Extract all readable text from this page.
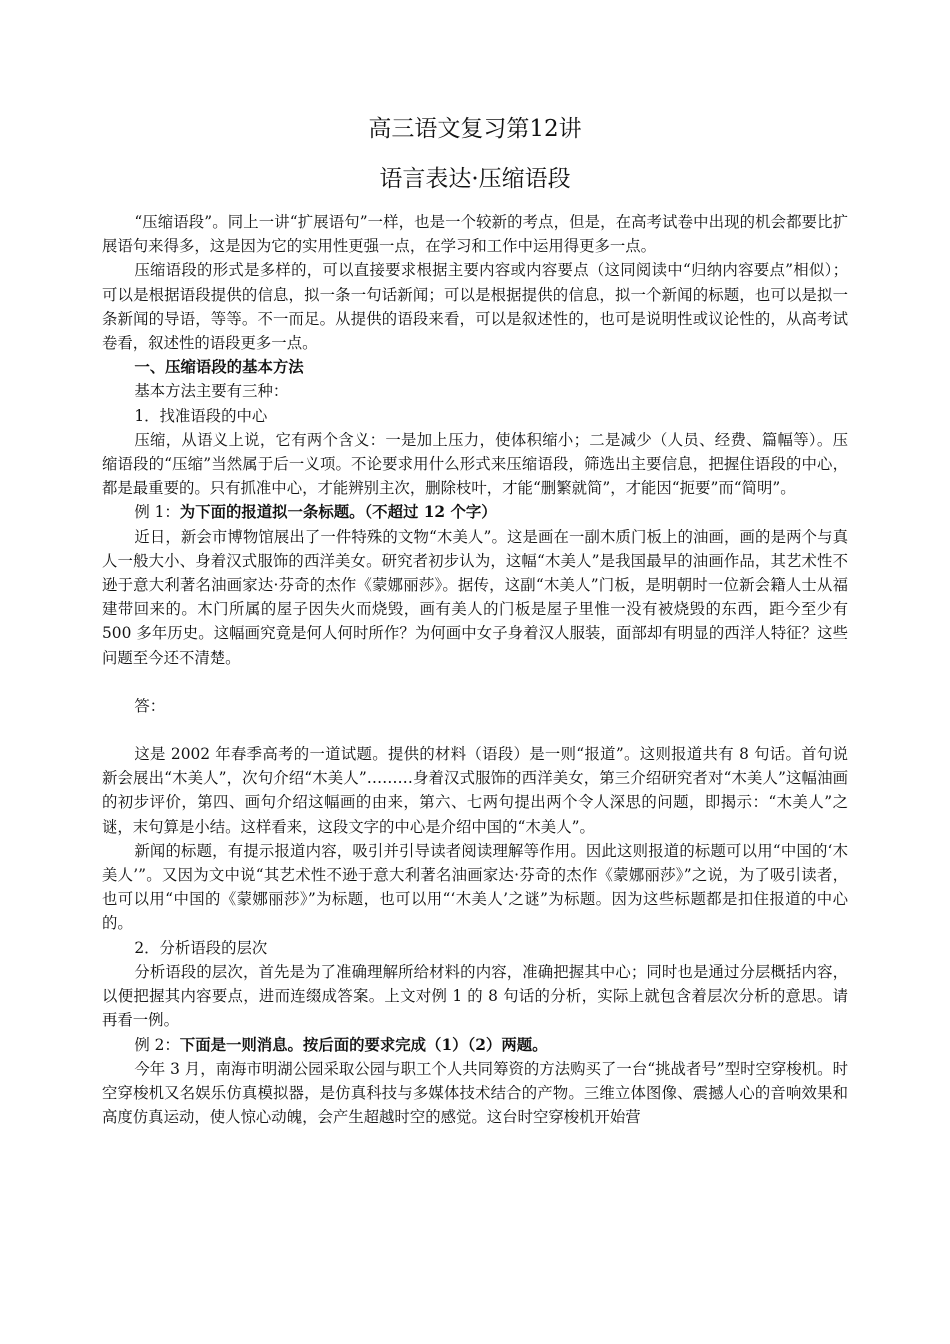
高三语文复习第12讲
语言表达·压缩语段

“压缩语段”。同上一讲“扩展语句”一样，也是一个较新的考点，但是，在高考试卷中出现的机会都要比扩展语句来得多，这是因为它的实用性更强一点，在学习和工作中运用得更多一点。

压缩语段的形式是多样的，可以直接要求根据主要内容或内容要点（这同阅读中“归纳内容要点”相似）；可以是根据语段提供的信息，拟一条一句话新闻；可以是根据提供的信息，拟一个新闻的标题，也可以是拟一条新闻的导语，等等。不一而足。从提供的语段来看，可以是叙述性的，也可是说明性或议论性的，从高考试卷看，叙述性的语段更多一点。

一、压缩语段的基本方法

基本方法主要有三种：

1．找准语段的中心

压缩，从语义上说，它有两个含义：一是加上压力，使体积缩小；二是减少（人员、经费、篇幅等）。压缩语段的“压缩”当然属于后一义项。不论要求用什么形式来压缩语段，筛选出主要信息，把握住语段的中心，都是最重要的。只有抓准中心，才能辨别主次，删除枝叶，才能“删繁就简”，才能因“扼要”而“简明”。

例 1：为下面的报道拟一条标题。（不超过 12 个字）

近日，新会市博物馆展出了一件特殊的文物“木美人”。这是画在一副木质门板上的油画，画的是两个与真人一般大小、身着汉式服饰的西洋美女。研究者初步认为，这幅“木美人”是我国最早的油画作品，其艺术性不逊于意大利著名油画家达·芬奇的杰作《蒙娜丽莎》。据传，这副“木美人”门板，是明朝时一位新会籍人士从福建带回来的。木门所属的屋子因失火而烧毁，画有美人的门板是屋子里惟一没有被烧毁的东西，距今至少有 500 多年历史。这幅画究竟是何人何时所作？为何画中女子身着汉人服装，面部却有明显的西洋人特征？这些问题至今还不清楚。

答：

这是 2002 年春季高考的一道试题。提供的材料（语段）是一则“报道”。这则报道共有 8 句话。首句说新会展出“木美人”，次句介绍“木美人”………身着汉式服饰的西洋美女，第三介绍研究者对“木美人”这幅油画的初步评价，第四、画句介绍这幅画的由来，第六、七两句提出两个令人深思的问题，即揭示：“木美人”之谜，末句算是小结。这样看来，这段文字的中心是介绍中国的“木美人”。

新闻的标题，有提示报道内容，吸引并引导读者阅读理解等作用。因此这则报道的标题可以用“中国的‘木美人’”。又因为文中说“其艺术性不逊于意大利著名油画家达·芬奇的杰作《蒙娜丽莎》”之说，为了吸引读者，也可以用“中国的《蒙娜丽莎》”为标题，也可以用“‘木美人’之谜”为标题。因为这些标题都是扣住报道的中心的。

2．分析语段的层次

分析语段的层次，首先是为了准确理解所给材料的内容，准确把握其中心；同时也是通过分层概括内容，以便把握其内容要点，进而连缀成答案。上文对例 1 的 8 句话的分析，实际上就包含着层次分析的意思。请再看一例。

例 2：下面是一则消息。按后面的要求完成（1）（2）两题。

今年 3 月，南海市明湖公园采取公园与职工个人共同筹资的方法购买了一台“挑战者号”型时空穿梭机。时空穿梭机又名娱乐仿真模拟器，是仿真科技与多媒体技术结合的产物。三维立体图像、震撼人心的音响效果和高度仿真运动，使人惊心动魄，会产生超越时空的感觉。这台时空穿梭机开始营
